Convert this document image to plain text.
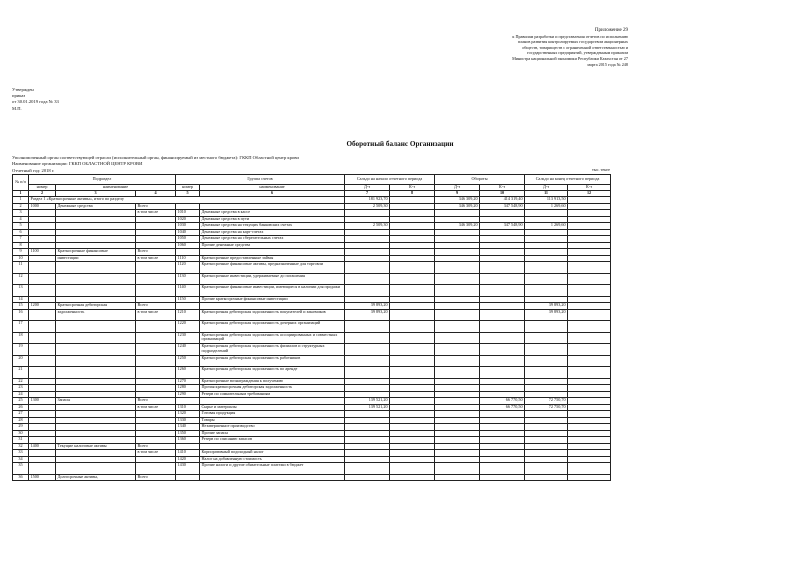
Приложение 29
к Правилам разработки и представления отчетов по исполнению
планов развития контролируемых государством акционерных
обществ, товариществ с ограниченной ответственностью и
государственных предприятий, утвержденным приказом
Министра национальной экономики Республики Казахстан от 27
марта 2015 года № 248
Утвержден
приказ
от 30.01.2019 года № 33
М.П.
Оборотный баланс Организации
Уполномоченный орган соответствующей отрасли (исполнительный орган, финансируемый из местного бюджета): ГККП Областной центр крови
Наименование организации: ГККП ОБЛАСТНОЙ ЦЕНТР КРОВИ
Отчетный год: 2018 г.	тыс. тенге
№ п/п	Подраздел			Группа счетов		Сальдо на начало отчетного периода		Обороты		Сальдо на конец отчетного периода	
	номер	наименование		номер	наименование	Д-т	К-т	Д-т	К-т	Д-т	К-т
1	2	3	4	5	6	7	8	9	10	11	12
1	Раздел 1 «Краткосрочные активы», итого по разделу					181 923,70		346 309,20	414 319,40	113 913,50	
2	1000	Денежные средства	Всего			2 509,30		346 309,20	347 548,90	1 269,60	
3			в том числе	1010	Денежные средства в кассе						
4				1020	Денежные средства в пути						
5				1030	Денежные средства на текущих банковских счетах	2 509,30		346 309,20	347 548,90	1 269,60	
6				1040	Денежные средства на карт-счетах						
7				1050	Денежные средства на сберегательных счетах						
8				1060	Прочие денежные средства						
9	1100	Краткосрочные финансовые	Всего								
10		инвестиции	в том числе	1110	Краткосрочные предоставленные займы						
11				1120	Краткосрочные финансовые активы, предназначенные для торговли						
12				1130	Краткосрочные инвестиции, удерживаемые до погашения						
13				1140	Краткосрочные финансовые инвестиции, имеющиеся в наличии для продажи						
14				1150	Прочие краткосрочные финансовые инвестиции						
15	1200	Краткосрочная дебиторская	Всего			39 893,20				39 893,20	
16		задолженность	в том числе	1210	Краткосрочная дебиторская задолженность покупателей и заказчиков	39 893,20				39 893,20	
17				1220	Краткосрочная дебиторская задолженность дочерних организаций						
18				1230	Краткосрочная дебиторская задолженность ассоциированных и совместных организаций						
19				1240	Краткосрочная дебиторская задолженность филиалов и структурных подразделений						
20				1250	Краткосрочная дебиторская задолженность работников						
21				1260	Краткосрочная дебиторская задолженность по аренде						
22				1270	Краткосрочные вознаграждения к получению						
23				1280	Прочая краткосрочная дебиторская задолженность						
24				1290	Резерв по сомнительным требованиям						
25	1300	Запасы	Всего			139 521,20			66 770,50	72 750,70	
26			в том числе	1310	Сырье и материалы	139 521,20			66 770,50	72 750,70	
27				1320	Готовая продукция						
28				1330	Товары						
29				1340	Незавершенное производство						
30				1350	Прочие запасы						
31				1360	Резерв по списанию запасов						
32	1400	Текущие налоговые активы	Всего								
33			в том числе	1410	Корпоративный подоходный налог						
34				1420	Налог на добавленную стоимость						
35				1430	Прочие налоги и другие обязательные платежи в бюджет						
36	1500	Долгосрочные активы,	Всего								
